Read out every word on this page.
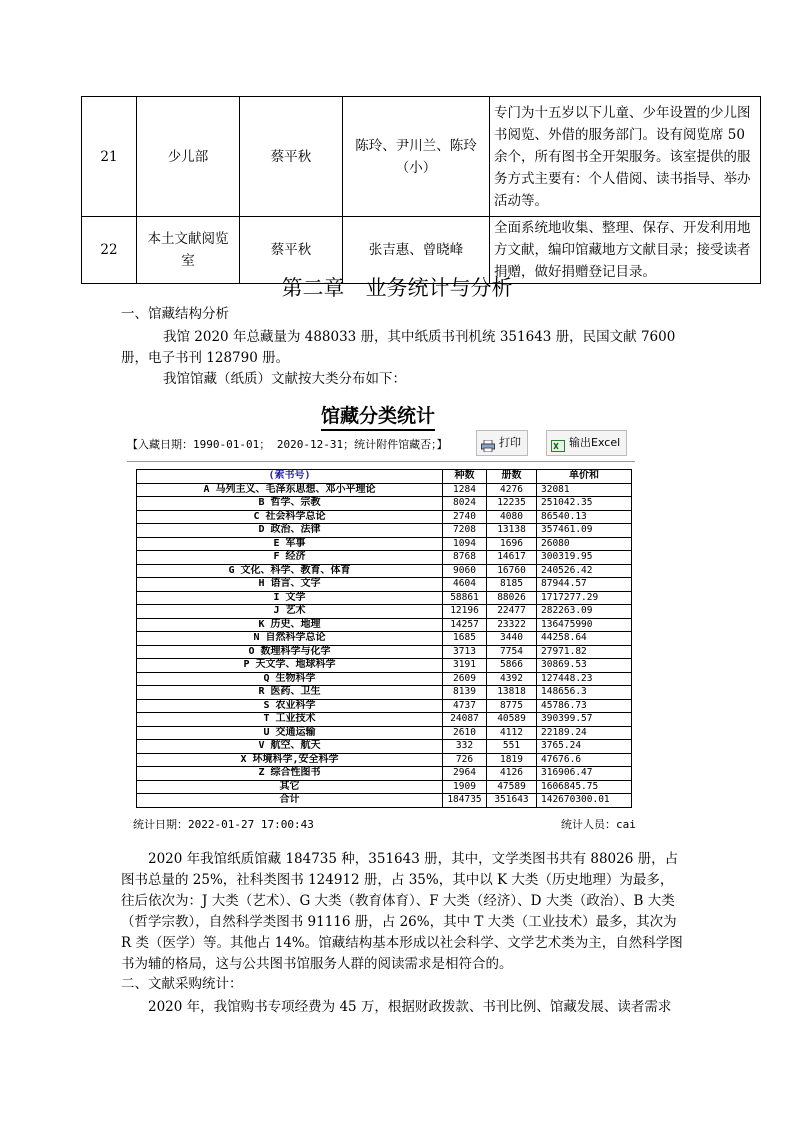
21	少儿部	蔡平秋	陈玲、尹川兰、陈玲（小）	专门为十五岁以下儿童、少年设置的少儿图书阅览、外借的服务部门。设有阅览席 50 余个，所有图书全开架服务。该室提供的服务方式主要有：个人借阅、读书指导、举办活动等。
22	本土文献阅览室	蔡平秋	张吉惠、曾晓峰	全面系统地收集、整理、保存、开发利用地方文献，编印馆藏地方文献目录；接受读者捐赠，做好捐赠登记目录。
第二章　业务统计与分析
一、馆藏结构分析
我馆 2020 年总藏量为 488033 册，其中纸质书刊机统 351643 册，民国文献 7600 册，电子书刊 128790 册。
我馆馆藏（纸质）文献按大类分布如下：
馆藏分类统计
【入藏日期：1990-01-01； 2020-12-31；统计附件馆藏否；】	打印	输出Excel
(索书号)	种数	册数	单价和
A 马列主义、毛泽东思想、邓小平理论	1284	4276	32081
B 哲学、宗教	8024	12235	251042.35
C 社会科学总论	2740	4080	86540.13
D 政治、法律	7208	13138	357461.09
E 军事	1094	1696	26080
F 经济	8768	14617	300319.95
G 文化、科学、教育、体育	9060	16760	240526.42
H 语言、文字	4604	8185	87944.57
I 文学	58861	88026	1717277.29
J 艺术	12196	22477	282263.09
K 历史、地理	14257	23322	136475990
N 自然科学总论	1685	3440	44258.64
O 数理科学与化学	3713	7754	27971.82
P 天文学、地球科学	3191	5866	30869.53
Q 生物科学	2609	4392	127448.23
R 医药、卫生	8139	13818	148656.3
S 农业科学	4737	8775	45786.73
T 工业技术	24087	40589	390399.57
U 交通运输	2610	4112	22189.24
V 航空、航天	332	551	3765.24
X 环境科学,安全科学	726	1819	47676.6
Z 综合性图书	2964	4126	316906.47
其它	1909	47589	1606845.75
合计	184735	351643	142670300.01
统计日期：2022-01-27 17:00:43	统计人员：cai
2020 年我馆纸质馆藏 184735 种，351643 册，其中，文学类图书共有 88026 册，占图书总量的 25%，社科类图书 124912 册，占 35%，其中以 K 大类（历史地理）为最多，往后依次为：J 大类（艺术）、G 大类（教育体育）、F 大类（经济）、D 大类（政治）、B 大类（哲学宗教），自然科学类图书 91116 册，占 26%，其中 T 大类（工业技术）最多，其次为 R 类（医学）等。其他占 14%。馆藏结构基本形成以社会科学、文学艺术类为主，自然科学图书为辅的格局，这与公共图书馆服务人群的阅读需求是相符合的。
二、文献采购统计：
2020 年，我馆购书专项经费为 45 万，根据财政拨款、书刊比例、馆藏发展、读者需求
